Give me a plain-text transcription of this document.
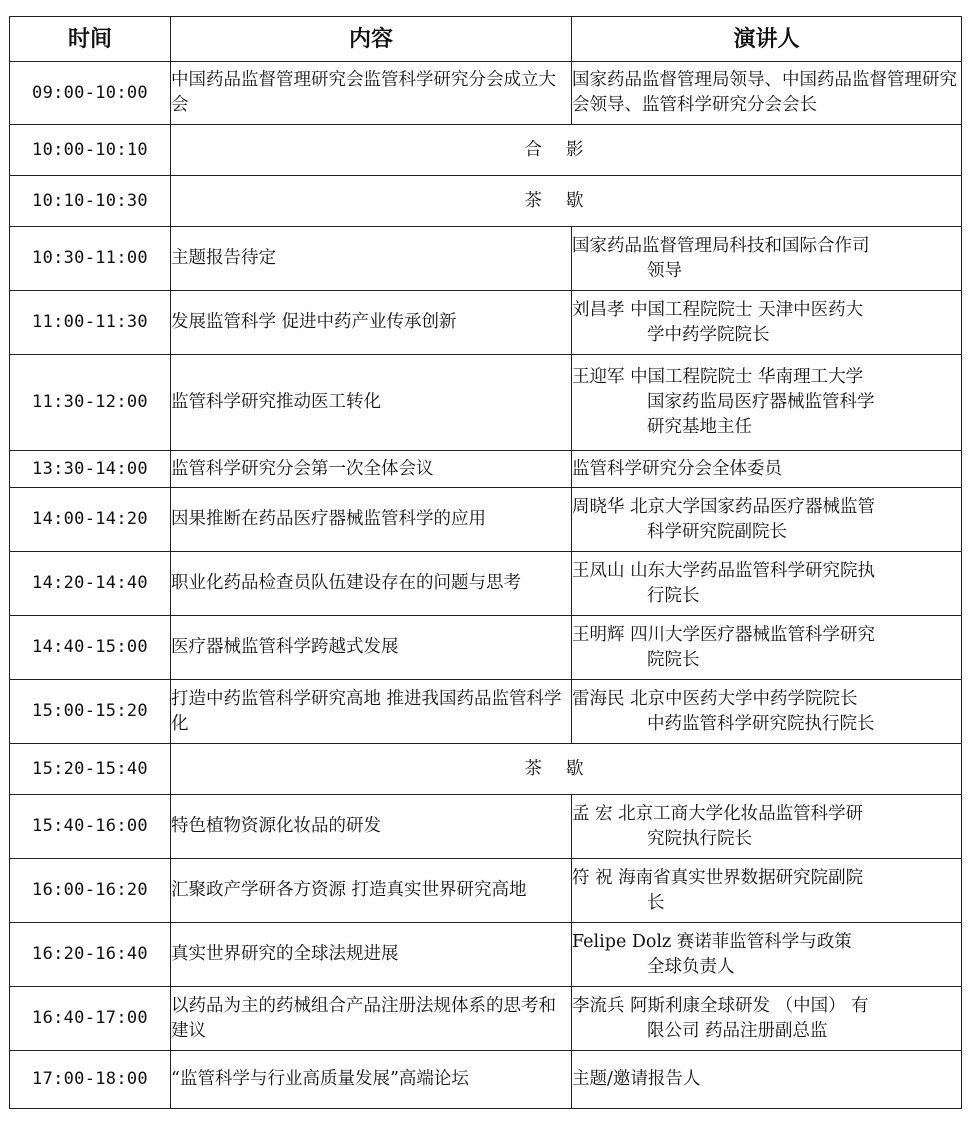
时间	内容	演讲人
09:00-10:00	中国药品监督管理研究会监管科学研究分会成立大会	国家药品监督管理局领导、中国药品监督管理研究会领导、监管科学研究分会会长
10:00-10:10	合影	
10:10-10:30	茶歇	
10:30-11:00	主题报告待定	国家药品监督管理局科技和国际合作司
领导

11:00-11:30	发展监管科学 促进中药产业传承创新	刘昌孝 中国工程院院士 天津中医药大
学中药学院院长

11:30-12:00	监管科学研究推动医工转化	王迎军 中国工程院院士 华南理工大学
国家药监局医疗器械监管科学
研究基地主任

13:30-14:00	监管科学研究分会第一次全体会议	监管科学研究分会全体委员
14:00-14:20	因果推断在药品医疗器械监管科学的应用	周晓华 北京大学国家药品医疗器械监管
科学研究院副院长

14:20-14:40	职业化药品检查员队伍建设存在的问题与思考	王凤山 山东大学药品监管科学研究院执
行院长

14:40-15:00	医疗器械监管科学跨越式发展	王明辉 四川大学医疗器械监管科学研究
院院长

15:00-15:20	打造中药监管科学研究高地 推进我国药品监管科学化	雷海民 北京中医药大学中药学院院长
中药监管科学研究院执行院长

15:20-15:40	茶歇	
15:40-16:00	特色植物资源化妆品的研发	孟 宏 北京工商大学化妆品监管科学研
究院执行院长

16:00-16:20	汇聚政产学研各方资源 打造真实世界研究高地	符 祝 海南省真实世界数据研究院副院
长

16:20-16:40	真实世界研究的全球法规进展	Felipe Dolz 赛诺菲监管科学与政策
全球负责人

16:40-17:00	以药品为主的药械组合产品注册法规体系的思考和建议	李流兵 阿斯利康全球研发 （中国） 有
限公司 药品注册副总监

17:00-18:00	“监管科学与行业高质量发展”高端论坛	主题/邀请报告人
